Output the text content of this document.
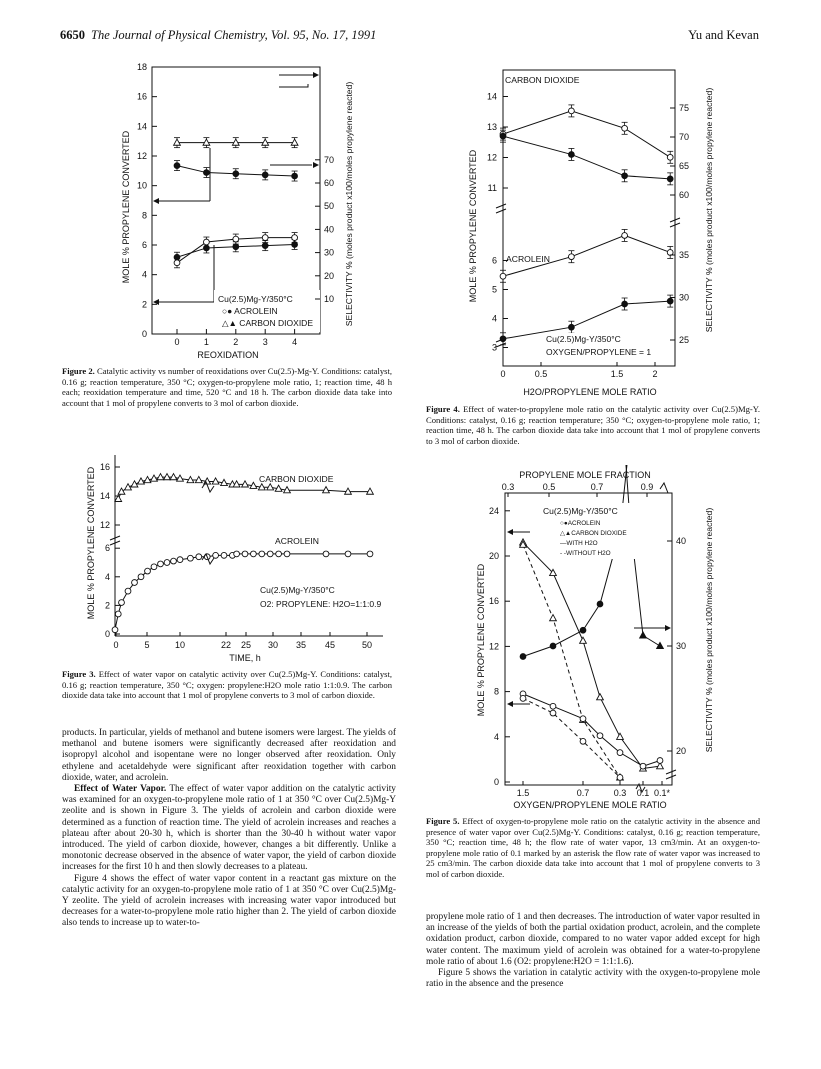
6650 The Journal of Physical Chemistry, Vol. 95, No. 17, 1991	Yu and Kevan
0
2
4
6
8
10
12
14
16
18
10
20
30
40
50
60
70
0	1	2	3	4
MOLE % PROPYLENE CONVERTED	SELECTIVITY % (moles product x100/moles propylene reacted)
REOXIDATION
Cu(2.5)Mg-Y/350°C
○● ACROLEIN
△▲ CARBON DIOXIDE
Figure 2. Catalytic activity vs number of reoxidations over Cu(2.5)-Mg-Y. Conditions: catalyst, 0.16 g; reaction temperature, 350 °C; oxygen-to-propylene mole ratio, 1; reaction time, 48 h each; reoxidation temperature and time, 520 °C and 18 h. The carbon dioxide data take into account that 1 mol of propylene converts to 3 mol of carbon dioxide.
0
2
4
6
12
14
16
0	5	10	22 25 30 35 45	50
MOLE % PROPYLENE CONVERTED
TIME, h
CARBON DIOXIDE
ACROLEIN
Cu(2.5)Mg-Y/350°C
O2: PROPYLENE: H2O=1:1:0.9
Figure 3. Effect of water vapor on catalytic activity over Cu(2.5)Mg-Y. Conditions: catalyst, 0.16 g; reaction temperature, 350 °C; oxygen: propylene:H2O mole ratio 1:1:0.9. The carbon dioxide data take into account that 1 mol of propylene converts to 3 mol of carbon dioxide.

products. In particular, yields of methanol and butene isomers were largest. The yields of methanol and butene isomers were significantly decreased after reoxidation and isopropyl alcohol and isopentane were no longer observed after reoxidation. Only ethylene and acetaldehyde were significant after reoxidation together with carbon dioxide, water, and acrolein.

Effect of Water Vapor. The effect of water vapor addition on the catalytic activity was examined for an oxygen-to-propylene mole ratio of 1 at 350 °C over Cu(2.5)Mg-Y zeolite and is shown in Figure 3. The yields of acrolein and carbon dioxide were determined as a function of reaction time. The yield of acrolein increases and reaches a plateau after about 20-30 h, which is shorter than the 30-40 h without water vapor introduced. The yield of carbon dioxide, however, changes a bit differently. Unlike a monotonic decrease observed in the absence of water vapor, the yield of carbon dioxide increases for the first 10 h and then slowly decreases to a plateau.

Figure 4 shows the effect of water vapor content in a reactant gas mixture on the catalytic activity for an oxygen-to-propylene mole ratio of 1 at 350 °C over Cu(2.5)Mg-Y zeolite. The yield of acrolein increases with increasing water vapor introduced but decreases for a water-to-propylene mole ratio higher than 2. The yield of carbon dioxide also tends to increase up to water-to-

3
4
5
6
11
12
13
14
25
30
35
60
65
70
75
0	0.5	1.5	2
MOLE % PROPYLENE CONVERTED	SELECTIVITY % (moles product x100/moles propylene reacted)
H2O/PROPYLENE MOLE RATIO
CARBON DIOXIDE
ACROLEIN
Cu(2.5)Mg-Y/350°C
OXYGEN/PROPYLENE = 1
Figure 4. Effect of water-to-propylene mole ratio on the catalytic activity over Cu(2.5)Mg-Y. Conditions: catalyst, 0.16 g; reaction temperature; 350 °C; oxygen-to-propylene mole ratio, 1; reaction time, 48 h. The carbon dioxide data take into account that 1 mol of propylene converts to 3 mol of carbon dioxide.
0
4
8
12
16
20
24
20
30
40
1.5	0.7	0.3 0.1 0.1*
0.3	0.5	0.7	0.9
PROPYLENE MOLE FRACTION
MOLE % PROPYLENE CONVERTED	SELECTIVITY % (moles product x100/moles propylene reacted)
OXYGEN/PROPYLENE MOLE RATIO
Cu(2.5)Mg-Y/350°C
○●ACROLEIN
△▲CARBON DIOXIDE
—WITH H2O
- -WITHOUT H2O
Figure 5. Effect of oxygen-to-propylene mole ratio on the catalytic activity in the absence and presence of water vapor over Cu(2.5)Mg-Y. Conditions: catalyst, 0.16 g; reaction temperature, 350 °C; reaction time, 48 h; the flow rate of water vapor, 13 cm3/min. At an oxygen-to-propylene mole ratio of 0.1 marked by an asterisk the flow rate of water vapor was increased to 25 cm3/min. The carbon dioxide data take into account that 1 mol of propylene converts to 3 mol of carbon dioxide.

propylene mole ratio of 1 and then decreases. The introduction of water vapor resulted in an increase of the yields of both the partial oxidation product, acrolein, and the complete oxidation product, carbon dioxide, compared to no water vapor added except for high water content. The maximum yield of acrolein was obtained for a water-to-propylene mole ratio of about 1.6 (O2: propylene:H2O = 1:1:1.6).

Figure 5 shows the variation in catalytic activity with the oxygen-to-propylene mole ratio in the absence and the presence
